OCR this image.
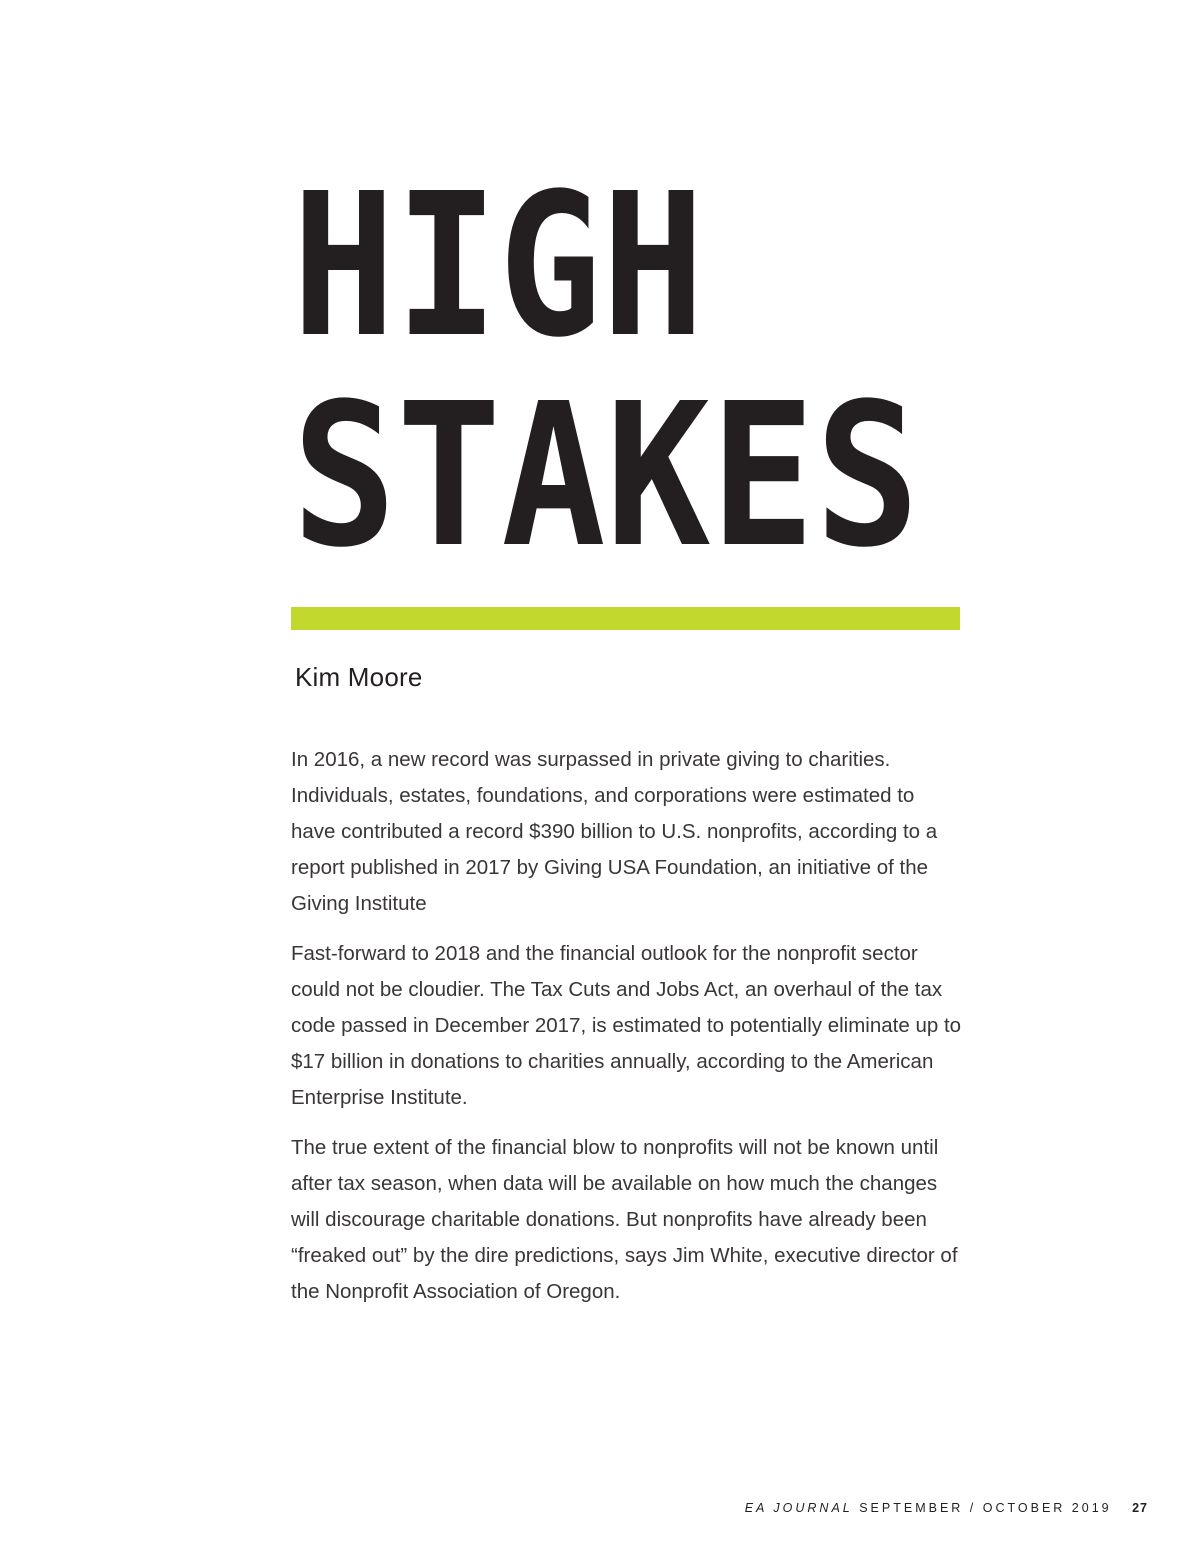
HIGH
STAKES
Kim Moore

In 2016, a new record was surpassed in private giving to charities. Individuals, estates, foundations, and corporations were estimated to have contributed a record $390 billion to U.S. nonprofits, according to a report published in 2017 by Giving USA Foundation, an initiative of the Giving Institute

Fast-forward to 2018 and the financial outlook for the nonprofit sector could not be cloudier. The Tax Cuts and Jobs Act, an overhaul of the tax code passed in December 2017, is estimated to potentially eliminate up to $17 billion in donations to charities annually, according to the American Enterprise Institute.

The true extent of the financial blow to nonprofits will not be known until after tax season, when data will be available on how much the changes will discourage charitable donations. But nonprofits have already been “freaked out” by the dire predictions, says Jim White, executive director of the Nonprofit Association of Oregon.

EA JOURNAL SEPTEMBER / OCTOBER 2019 27
